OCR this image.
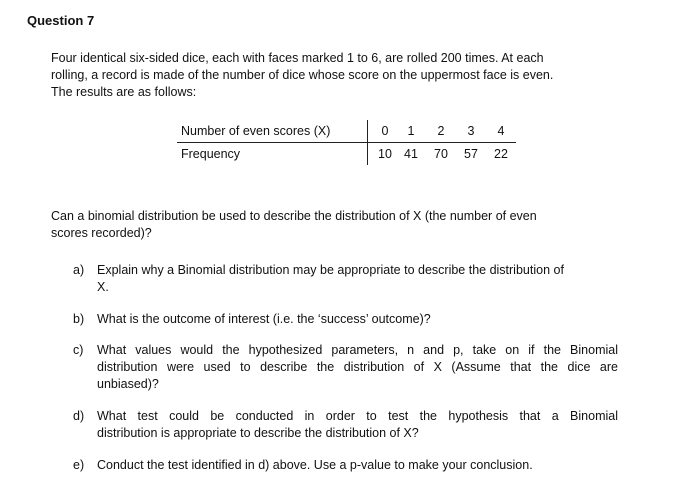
Question 7
Four identical six-sided dice, each with faces marked 1 to 6, are rolled 200 times. At each
rolling, a record is made of the number of dice whose score on the uppermost face is even.
The results are as follows:
Number of even scores (X)	0	1	2	3	4
Frequency	10	41	70	57	22
Can a binomial distribution be used to describe the distribution of X (the number of even
scores recorded)?
a) Explain why a Binomial distribution may be appropriate to describe the distribution of
X.
b) What is the outcome of interest (i.e. the ‘success’ outcome)?
c) What values would the hypothesized parameters, n and p, take on if the Binomial
distribution were used to describe the distribution of X (Assume that the dice are
unbiased)?
d) What test could be conducted in order to test the hypothesis that a Binomial
distribution is appropriate to describe the distribution of X?
e) Conduct the test identified in d) above. Use a p-value to make your conclusion.
